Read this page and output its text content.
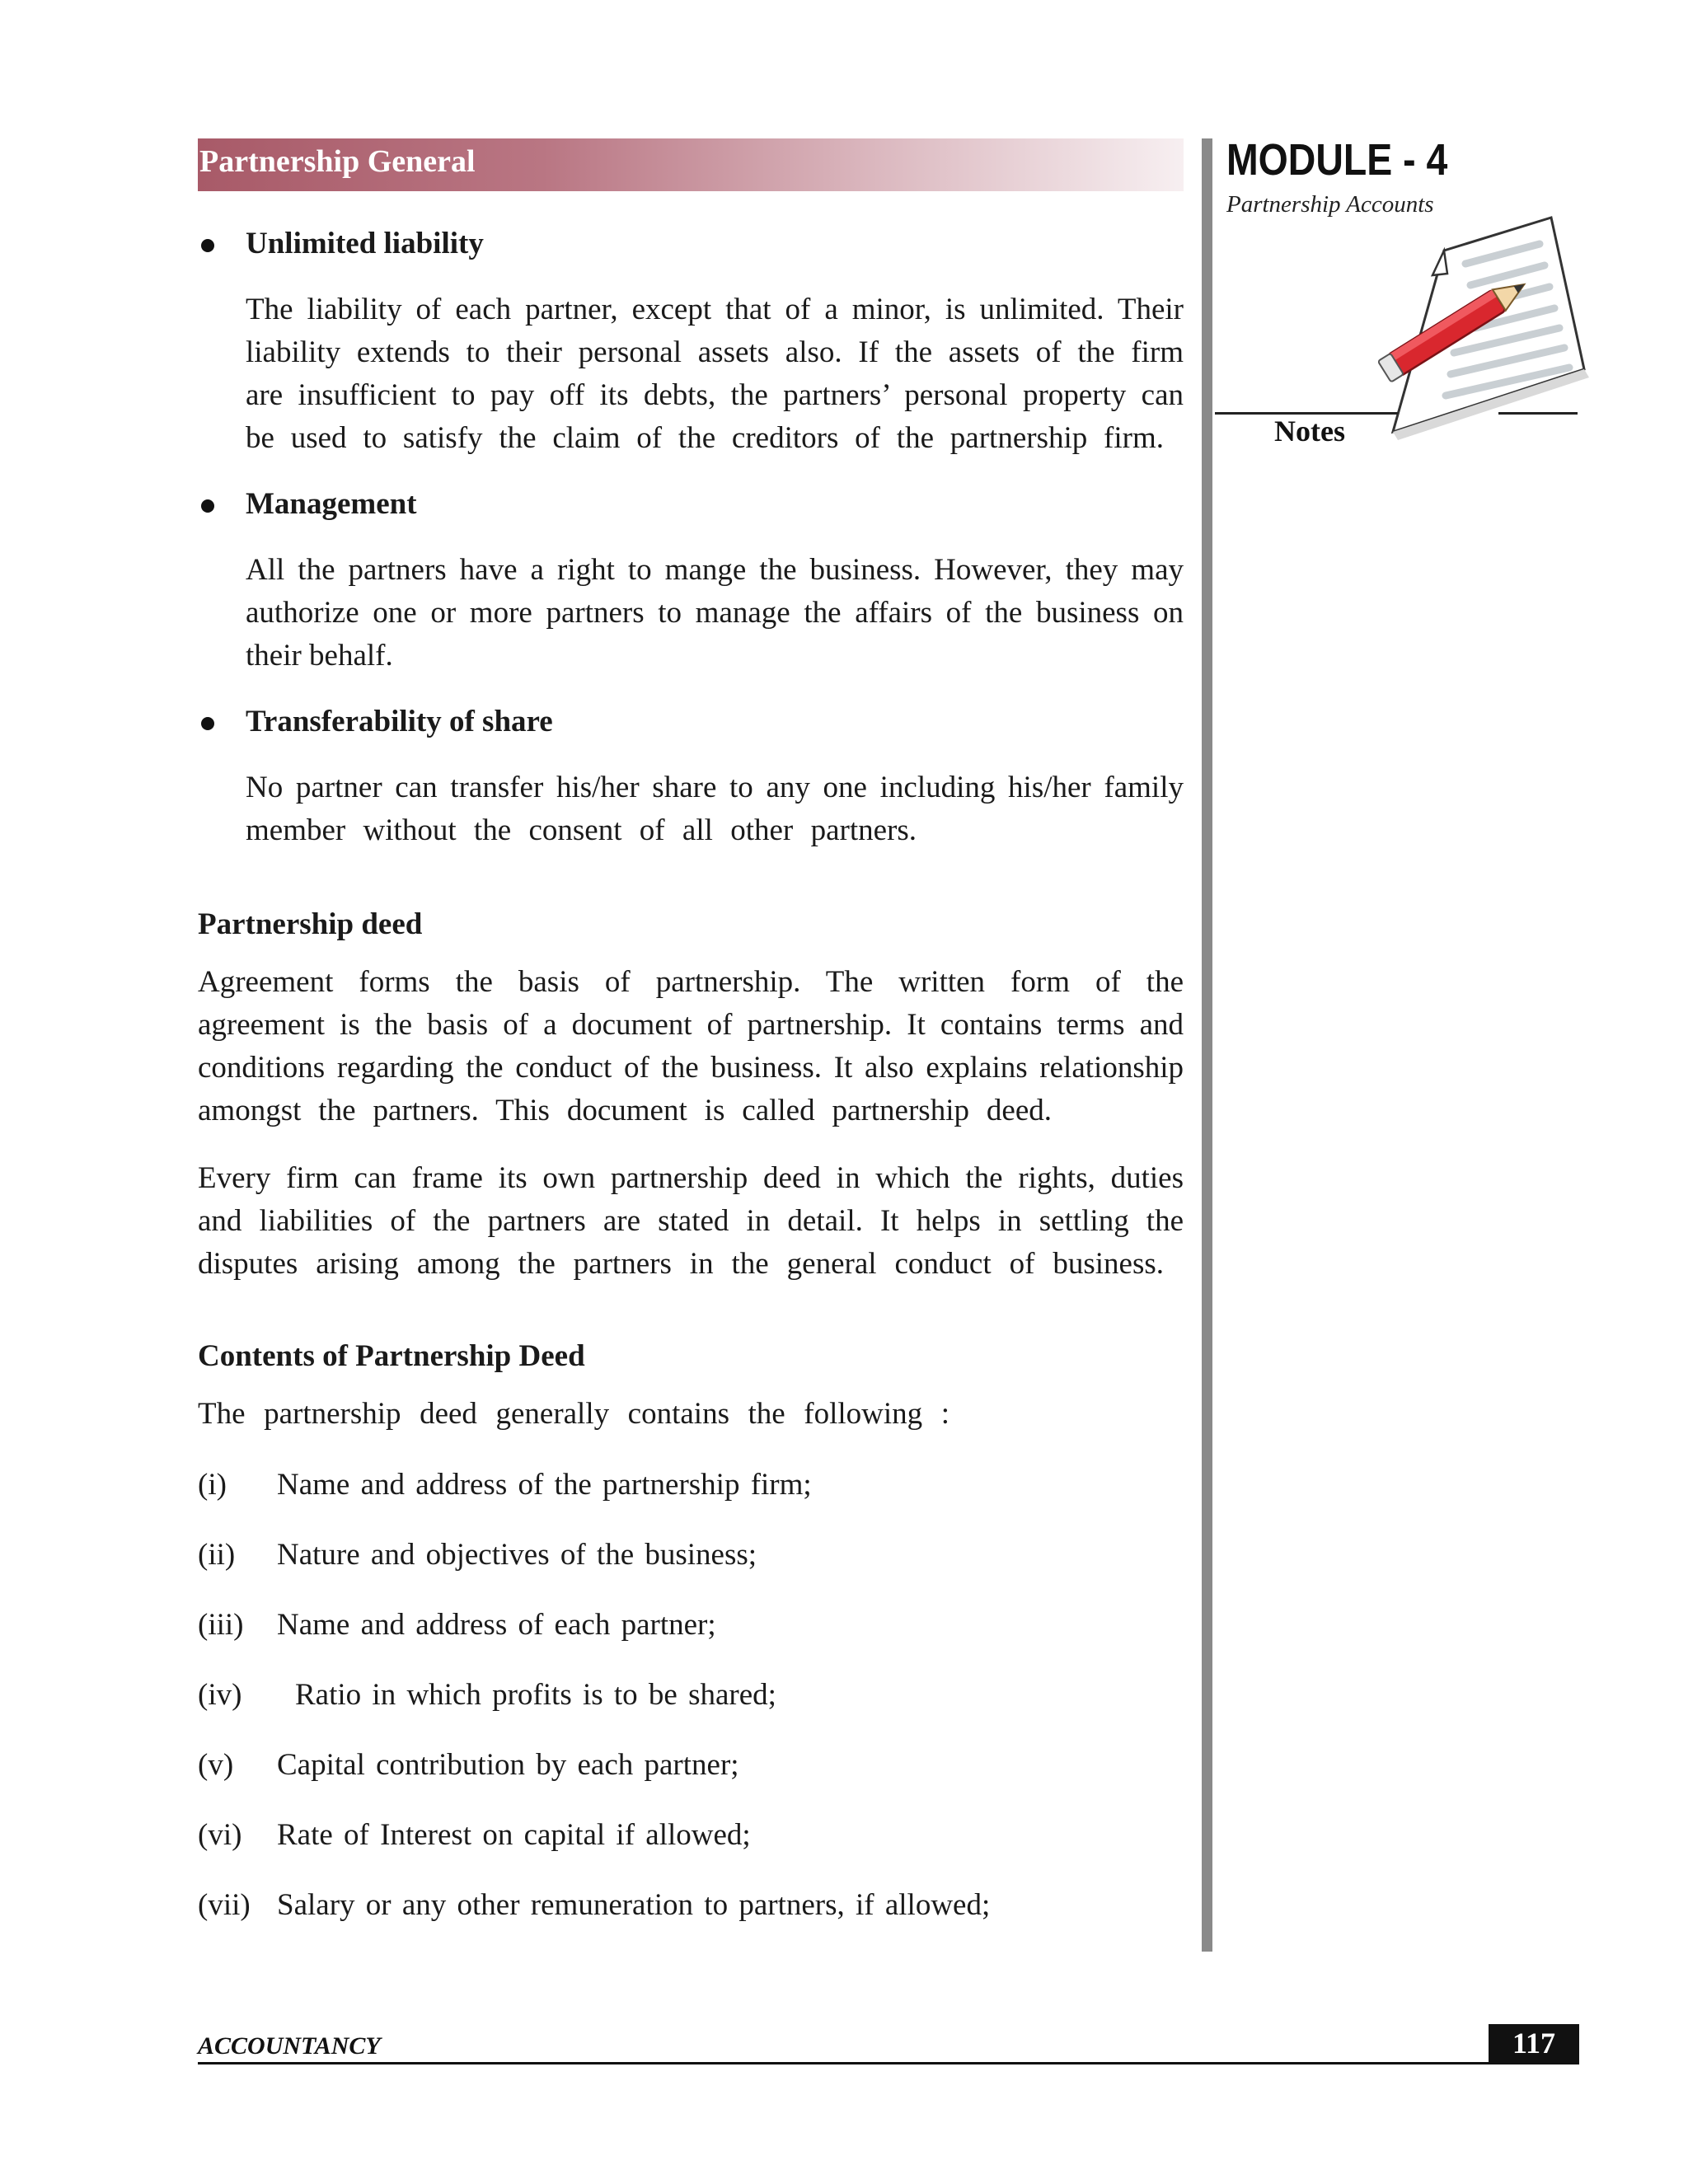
Partnership General	MODULE - 4
Partnership Accounts
Notes
Unlimited liability
The liability of each partner, except that of a minor, is unlimited. Their
liability extends to their personal assets also. If the assets of the firm
are insufficient to pay off its debts, the partners’ personal property can
be used to satisfy the claim of the creditors of the partnership firm.
Management
All the partners have a right to mange the business. However, they may
authorize one or more partners to manage the affairs of the business on
their behalf.
Transferability of share
No partner can transfer his/her share to any one including his/her family
member without the consent of all other partners.
Partnership deed
Agreement forms the basis of partnership. The written form of the
agreement is the basis of a document of partnership. It contains terms and
conditions regarding the conduct of the business. It also explains relationship
amongst the partners. This document is called partnership deed.
Every firm can frame its own partnership deed in which the rights, duties
and liabilities of the partners are stated in detail. It helps in settling the
disputes arising among the partners in the general conduct of business.
Contents of Partnership Deed
The partnership deed generally contains the following :
(i) Name and address of the partnership firm;
(ii) Nature and objectives of the business;
(iii) Name and address of each partner;
(iv) Ratio in which profits is to be shared;
(v) Capital contribution by each partner;
(vi) Rate of Interest on capital if allowed;
(vii) Salary or any other remuneration to partners, if allowed;
ACCOUNTANCY	117
